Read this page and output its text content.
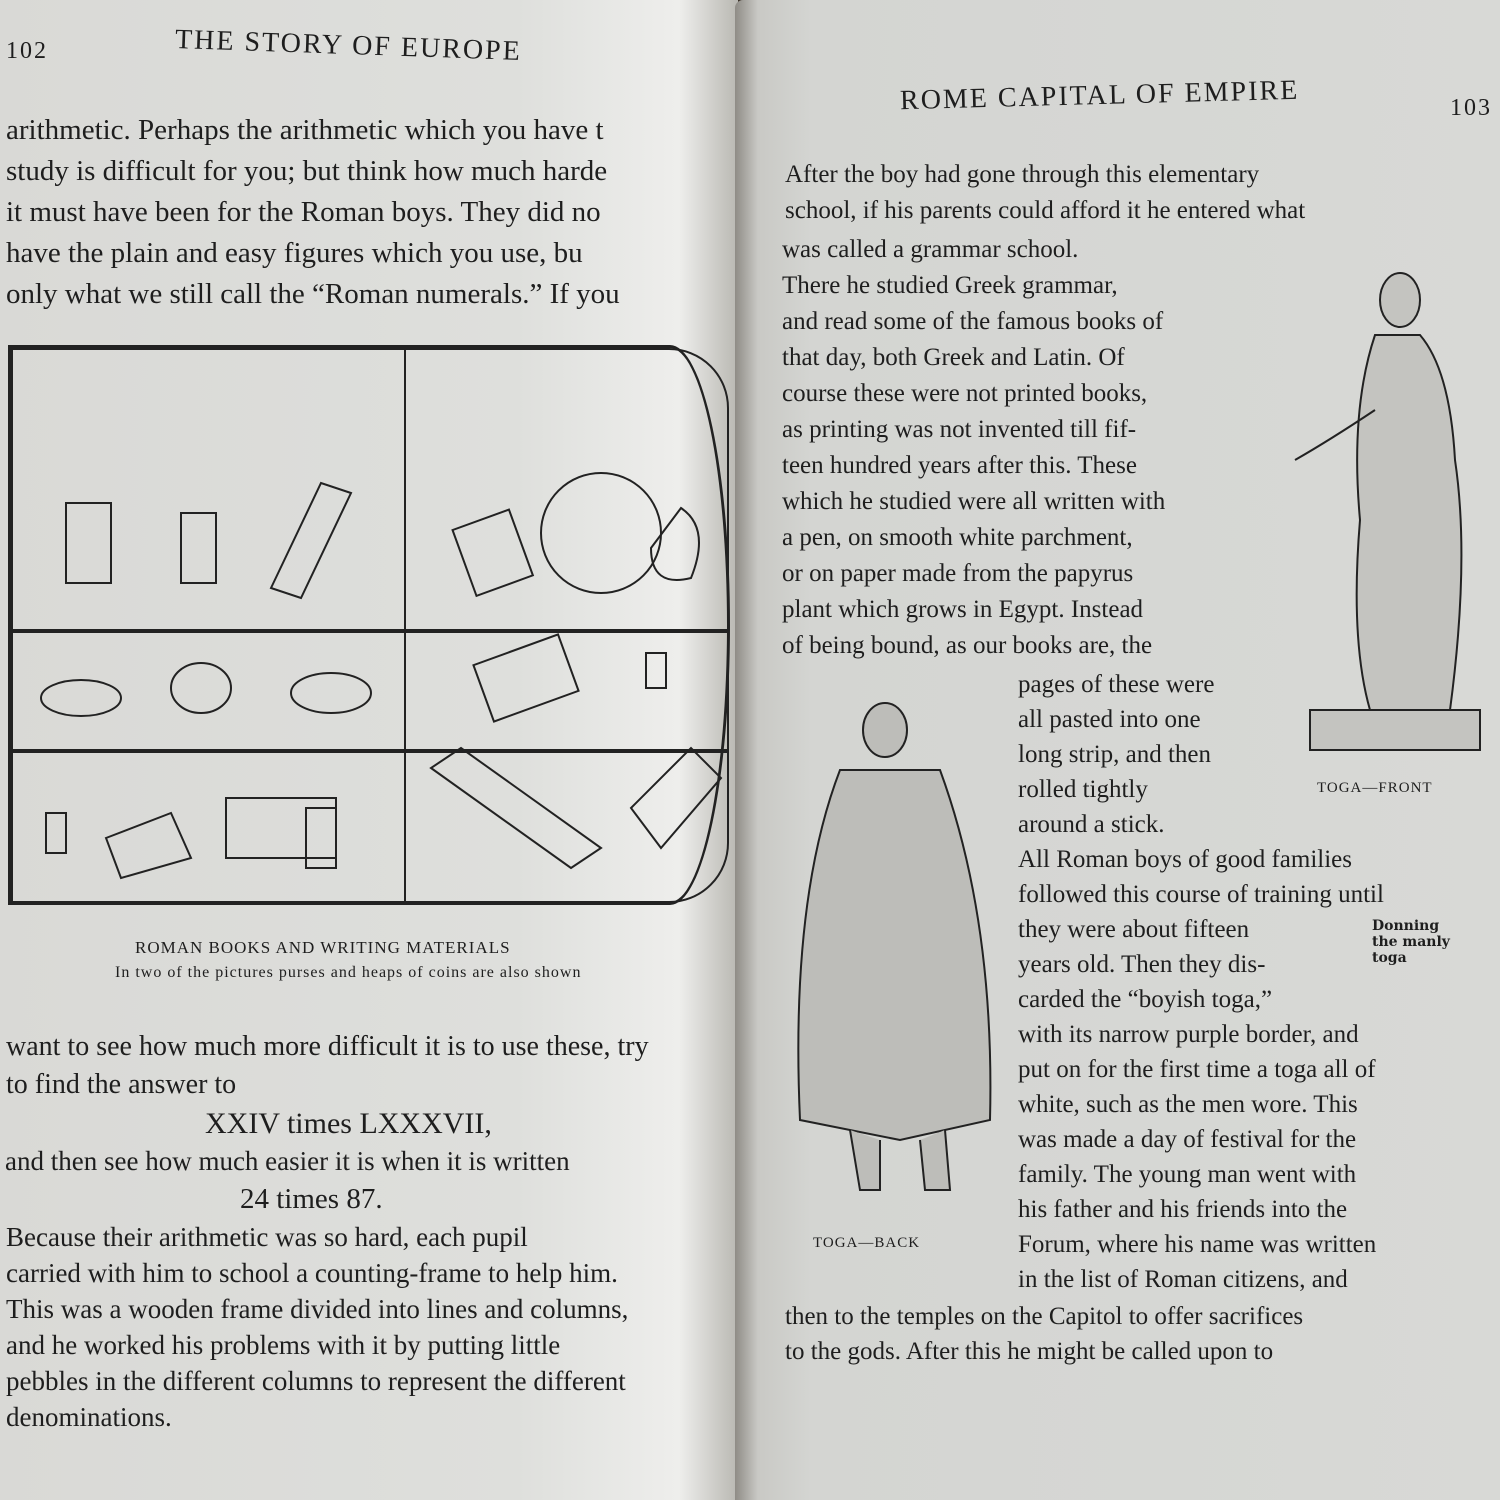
102	THE STORY OF EUROPE
arithmetic. Perhaps the arithmetic which you have t
study is difficult for you; but think how much harde
it must have been for the Roman boys. They did no
have the plain and easy figures which you use, bu
only what we still call the “Roman numerals.” If you
ROMAN BOOKS AND WRITING MATERIALS
In two of the pictures purses and heaps of coins are also shown
want to see how much more difficult it is to use these, try
to find the answer to
XXIV times LXXXVII,
and then see how much easier it is when it is written
24 times 87.
Because their arithmetic was so hard, each pupil
carried with him to school a counting-frame to help him.
This was a wooden frame divided into lines and columns,
and he worked his problems with it by putting little
pebbles in the different columns to represent the different
denominations.
ROME CAPITAL OF EMPIRE	103
After the boy had gone through this elementary
school, if his parents could afford it he entered what
was called a grammar school.
There he studied Greek grammar,
and read some of the famous books of
that day, both Greek and Latin. Of
course these were not printed books,
as printing was not invented till fif-
teen hundred years after this. These
which he studied were all written with
a pen, on smooth white parchment,
or on paper made from the papyrus
plant which grows in Egypt. Instead
of being bound, as our books are, the
pages of these were
all pasted into one
long strip, and then
rolled tightly
around a stick.
All Roman boys of good families
followed this course of training until
they were about fifteen
years old. Then they dis-
carded the “boyish toga,”
with its narrow purple border, and
put on for the first time a toga all of
white, such as the men wore. This
was made a day of festival for the
family. The young man went with
his father and his friends into the
Forum, where his name was written
in the list of Roman citizens, and
then to the temples on the Capitol to offer sacrifices
to the gods. After this he might be called upon to
TOGA—FRONT
TOGA—BACK
Donning
the manly
toga
